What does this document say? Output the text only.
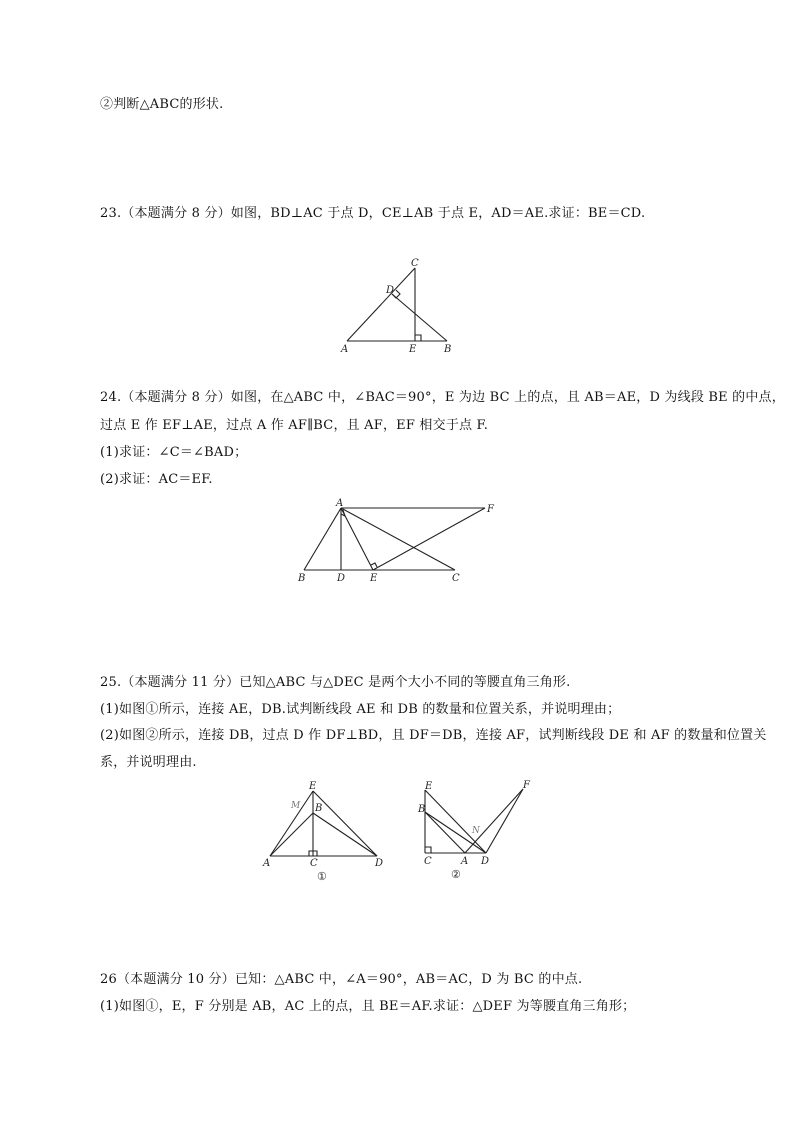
②判断△ABC的形状.
23.（本题满分 8 分）如图，BD⊥AC 于点 D，CE⊥AB 于点 E，AD＝AE.求证：BE＝CD.
C
D
A	E	B
24.（本题满分 8 分）如图，在△ABC 中，∠BAC＝90°，E 为边 BC 上的点，且 AB＝AE，D 为线段 BE 的中点，
过点 E 作 EF⊥AE，过点 A 作 AF∥BC，且 AF，EF 相交于点 F.
(1)求证：∠C＝∠BAD；
(2)求证：AC＝EF.
A
F
B	D E	C
25.（本题满分 11 分）已知△ABC 与△DEC 是两个大小不同的等腰直角三角形.
(1)如图①所示，连接 AE，DB.试判断线段 AE 和 DB 的数量和位置关系，并说明理由；
(2)如图②所示，连接 DB，过点 D 作 DF⊥BD，且 DF＝DB，连接 AF，试判断线段 DE 和 AF 的数量和位置关
系，并说明理由.
E
M B
A	C	D
①
E	F
B
N
C	A D
②
26（本题满分 10 分）已知：△ABC 中，∠A＝90°，AB＝AC，D 为 BC 的中点.
(1)如图①，E，F 分别是 AB，AC 上的点，且 BE＝AF.求证：△DEF 为等腰直角三角形；
